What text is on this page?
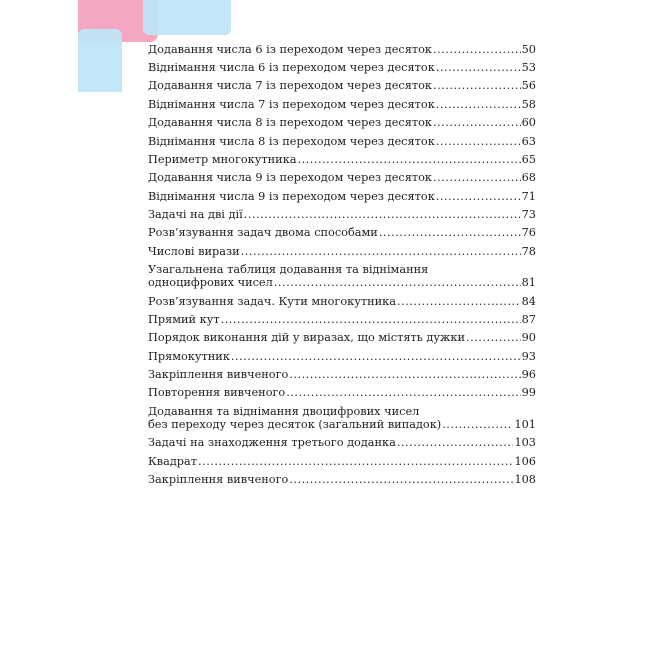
Додавання числа 6 із переходом через десяток .....	50
Віднімання числа 6 із переходом через десяток .....	53
Додавання числа 7 із переходом через десяток .....	56
Віднімання числа 7 із переходом через десяток .....	58
Додавання числа 8 із переходом через десяток .....	60
Віднімання числа 8 із переходом через десяток .....	63
Периметр многокутника .....	65
Додавання числа 9 із переходом через десяток .....	68
Віднімання числа 9 із переходом через десяток .....	71
Задачі на дві дії .....	73
Розв’язування задач двома способами .....	76
Числові вирази .....	78
Узагальнена таблиця додавання та віднімання
одноцифрових чисел .....	81
Розв’язування задач. Кути многокутника .....	84
Прямий кут .....	87
Порядок виконання дій у виразах, що містять дужки .....	90
Прямокутник .....	93
Закріплення вивченого .....	96
Повторення вивченого .....	99
Додавання та віднімання двоцифрових чисел
без переходу через десяток (загальний випадок) .....	101
Задачі на знаходження третього доданка .....	103
Квадрат .....	106
Закріплення вивченого .....	108
